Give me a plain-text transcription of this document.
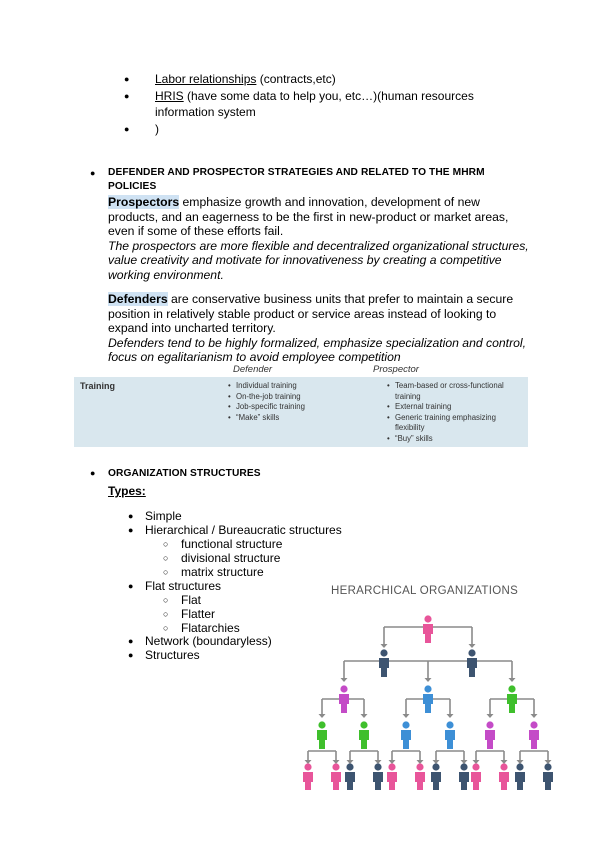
● Labor relationships (contracts,etc)
● HRIS (have some data to help you, etc…)(human resources
information system
● )
● DEFENDER AND PROSPECTOR STRATEGIES AND RELATED TO THE MHRM
POLICIES
Prospectors emphasize growth and innovation, development of new
products, and an eagerness to be the first in new-product or market areas,
even if some of these efforts fail.
The prospectors are more flexible and decentralized organizational structures,
value creativity and motivate for innovativeness by creating a competitive
working environment.
Defenders are conservative business units that prefer to maintain a secure
position in relatively stable product or service areas instead of looking to
expand into uncharted territory.
Defenders tend to be highly formalized, emphasize specialization and control,
focus on egalitarianism to avoid employee competition
Defender	Prospector
Training
•	Individual training
• On-the-job training
• Job-specific training
• “Make” skills
• Team-based or cross-functional
training
• External training
• Generic training emphasizing
flexibility
• “Buy” skills
● ORGANIZATION STRUCTURES
Types:
● Simple
● Hierarchical / Bureaucratic structures
○ functional structure
○ divisional structure
○ matrix structure
● Flat structures
○ Flat
○ Flatter
○ Flatarchies
● Network (boundaryless)
● Structures
HERARCHICAL ORGANIZATIONS
